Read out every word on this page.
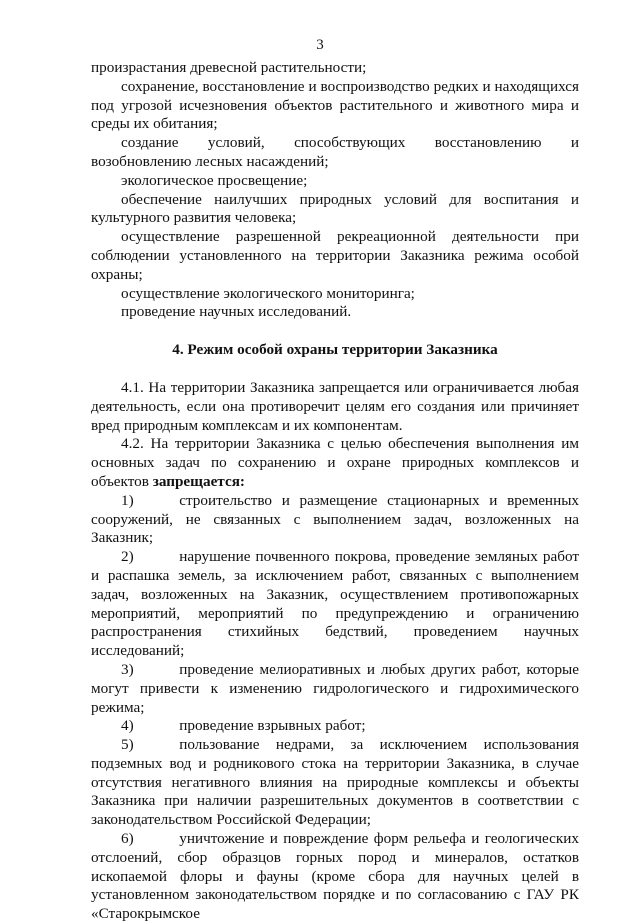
3

произрастания древесной растительности;

сохранение, восстановление и воспроизводство редких и находящихся под угрозой исчезновения объектов растительного и животного мира и среды их обитания;

создание условий, способствующих восстановлению и возобновлению лесных насаждений;

экологическое просвещение;

обеспечение наилучших природных условий для воспитания и культурного развития человека;

осуществление разрешенной рекреационной деятельности при соблюдении установленного на территории Заказника режима особой охраны;

осуществление экологического мониторинга;

проведение научных исследований.

4. Режим особой охраны территории Заказника

4.1. На территории Заказника запрещается или ограничивается любая деятельность, если она противоречит целям его создания или причиняет вред природным комплексам и их компонентам.

4.2. На территории Заказника с целью обеспечения выполнения им основных задач по сохранению и охране природных комплексов и объектов запрещается:

1)   	строительство и размещение стационарных и временных сооружений, не связанных с выполнением задач, возложенных на Заказник;
2)   	нарушение почвенного покрова, проведение земляных работ и распашка земель, за исключением работ, связанных с выполнением задач, возложенных на Заказник, осуществлением противопожарных мероприятий, мероприятий по предупреждению и ограничению распространения стихийных бедствий, проведением научных исследований;
3)   	проведение мелиоративных и любых других работ, которые могут привести к изменению гидрологического и гидрохимического режима;
4)   	проведение взрывных работ;
5)   	пользование недрами, за исключением использования подземных вод и родникового стока на территории Заказника, в случае отсутствия негативного влияния на природные комплексы и объекты Заказника при наличии разрешительных документов в соответствии с законодательством Российской Федерации;
6)   	уничтожение и повреждение форм рельефа и геологических отслоений, сбор образцов горных пород и минералов, остатков ископаемой флоры и фауны (кроме сбора для научных целей в установленном законодательством порядке и по согласованию с ГАУ РК «Старокрымское
